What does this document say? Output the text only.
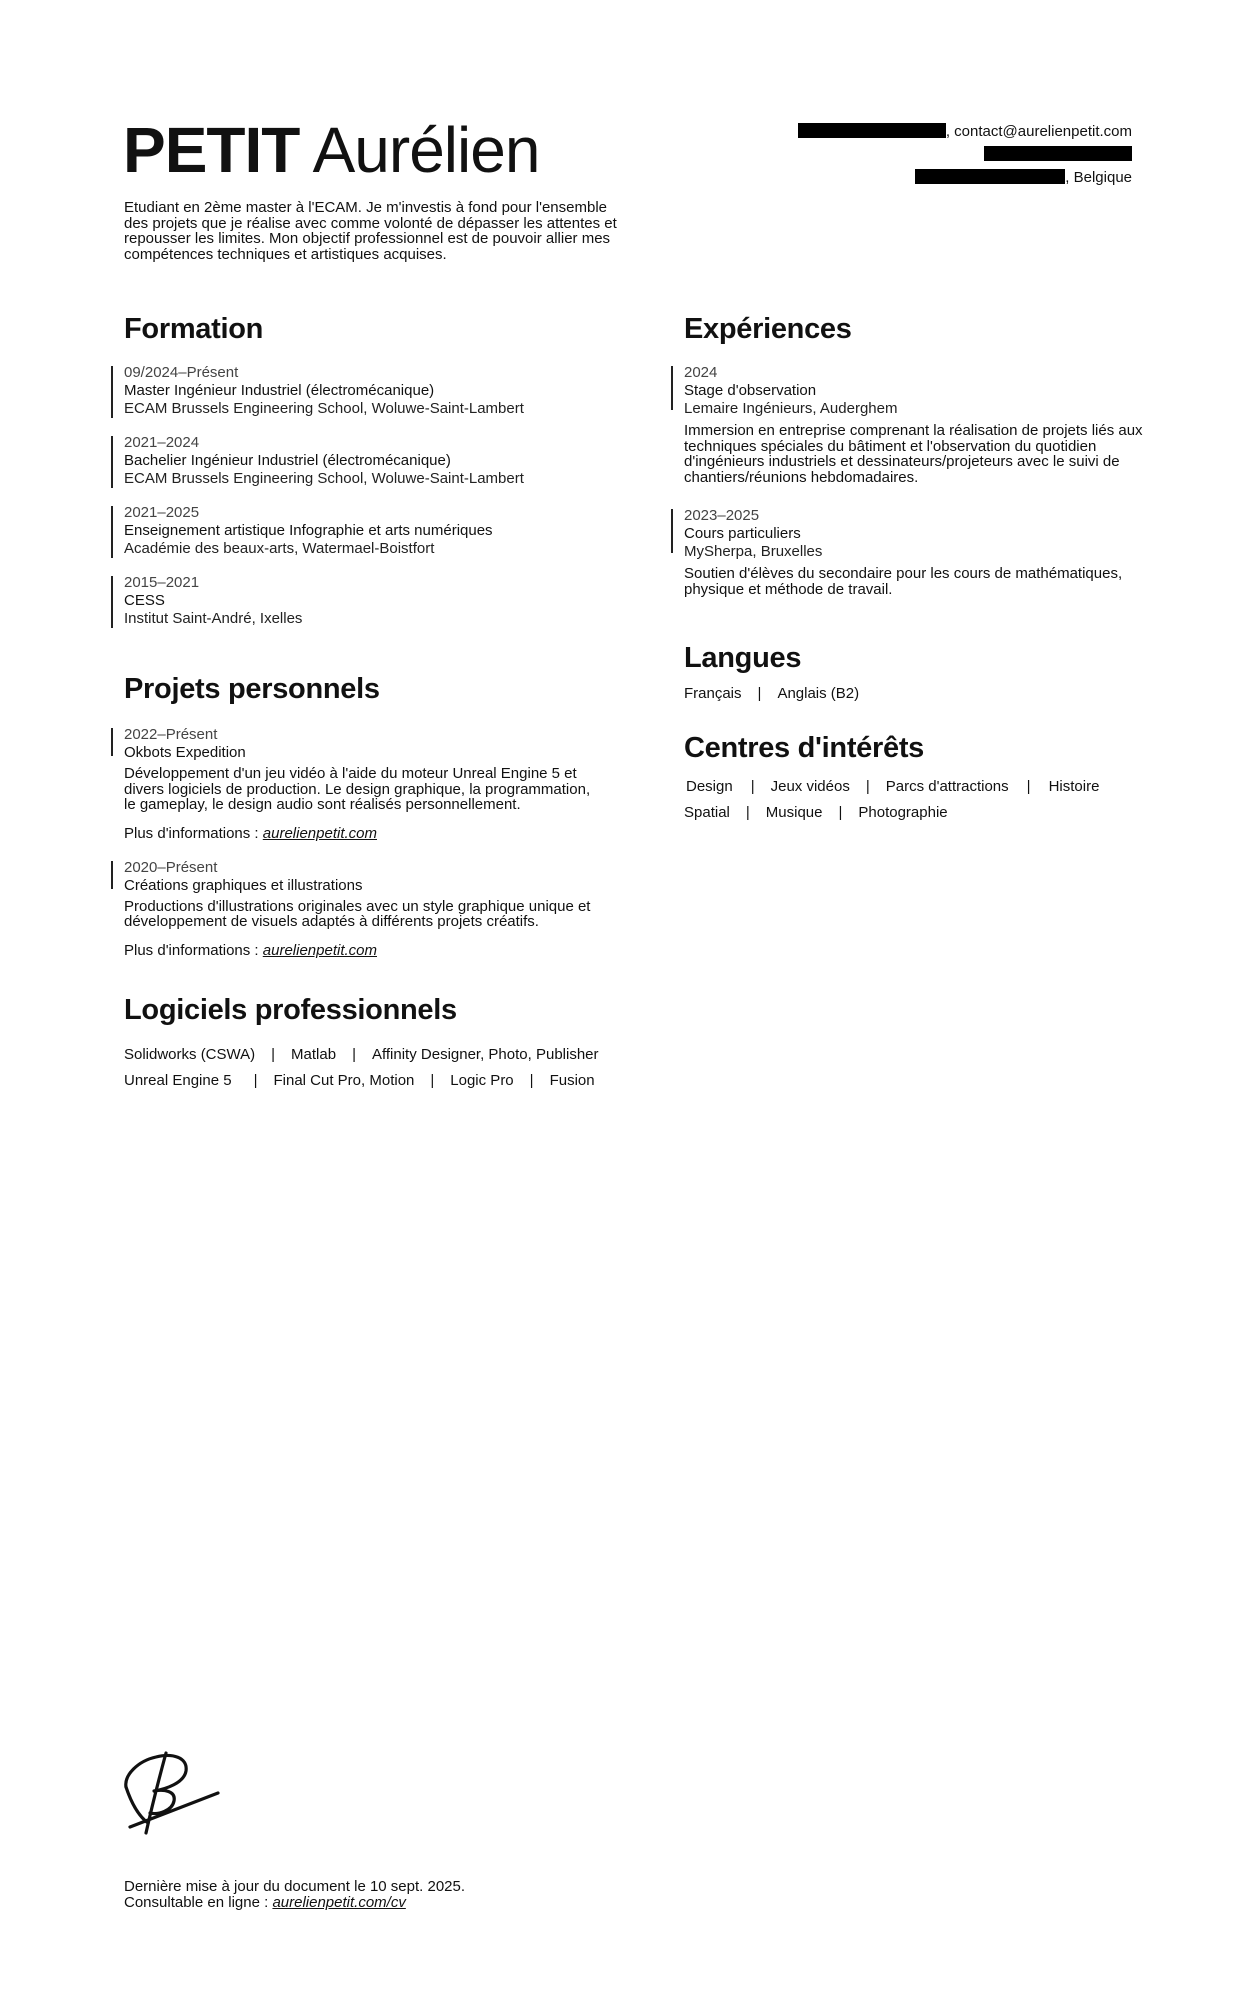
PETIT Aurélien
Etudiant en 2ème master à l'ECAM. Je m'investis à fond pour l'ensemble des projets que je réalise avec comme volonté de dépasser les attentes et repousser les limites. Mon objectif professionnel est de pouvoir allier mes compétences techniques et artistiques acquises.
, contact@aurelienpetit.com
, Belgique
Formation
09/2024–Présent
Master Ingénieur Industriel (électromécanique)
ECAM Brussels Engineering School, Woluwe-Saint-Lambert
2021–2024
Bachelier Ingénieur Industriel (électromécanique)
ECAM Brussels Engineering School, Woluwe-Saint-Lambert
2021–2025
Enseignement artistique Infographie et arts numériques
Académie des beaux-arts, Watermael-Boistfort
2015–2021
CESS
Institut Saint-André, Ixelles
Projets personnels
2022–Présent
Okbots Expedition
Développement d'un jeu vidéo à l'aide du moteur Unreal Engine 5 et divers logiciels de production. Le design graphique, la programmation, le gameplay, le design audio sont réalisés personnellement.
Plus d'informations : aurelienpetit.com
2020–Présent
Créations graphiques et illustrations
Productions d'illustrations originales avec un style graphique unique et développement de visuels adaptés à différents projets créatifs.
Plus d'informations : aurelienpetit.com
Logiciels professionnels
Solidworks (CSWA) | Matlab | Affinity Designer, Photo, Publisher
Unreal Engine 5 | Final Cut Pro, Motion | Logic Pro | Fusion
Expériences
2024
Stage d'observation
Lemaire Ingénieurs, Auderghem
Immersion en entreprise comprenant la réalisation de projets liés aux techniques spéciales du bâtiment et l'observation du quotidien d'ingénieurs industriels et dessinateurs/projeteurs avec le suivi de chantiers/réunions hebdomadaires.
2023–2025
Cours particuliers
MySherpa, Bruxelles
Soutien d'élèves du secondaire pour les cours de mathématiques, physique et méthode de travail.
Langues
Français | Anglais (B2)
Centres d'intérêts
Design | Jeux vidéos | Parcs d'attractions | Histoire
Spatial | Musique | Photographie
Dernière mise à jour du document le 10 sept. 2025.
Consultable en ligne : aurelienpetit.com/cv
